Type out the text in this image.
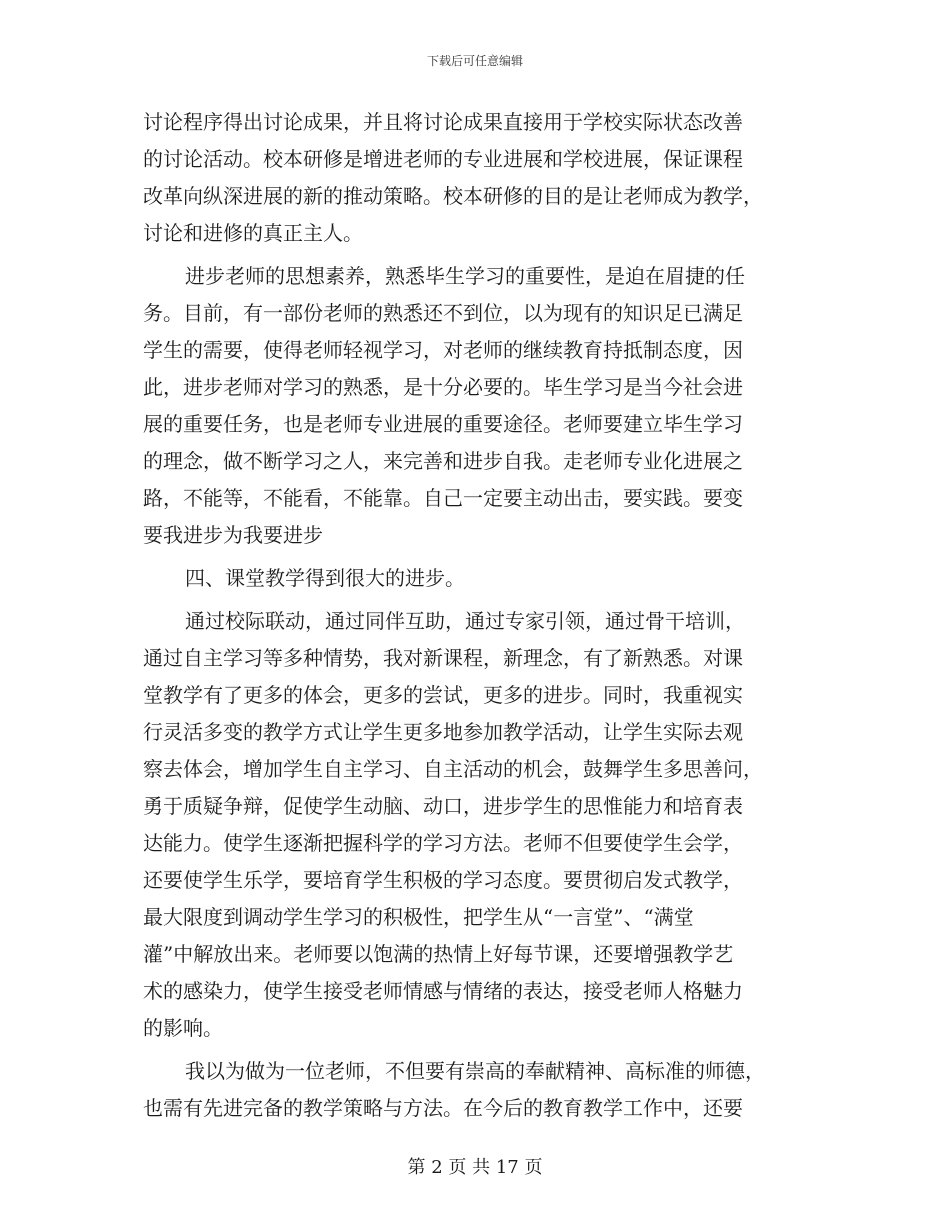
下载后可任意编辑
讨论程序得出讨论成果，并且将讨论成果直接用于学校实际状态改善
的讨论活动。校本研修是增进老师的专业进展和学校进展，保证课程
改革向纵深进展的新的推动策略。校本研修的目的是让老师成为教学，
讨论和进修的真正主人。
进步老师的思想素养，熟悉毕生学习的重要性，是迫在眉捷的任
务。目前，有一部份老师的熟悉还不到位，以为现有的知识足已满足
学生的需要，使得老师轻视学习，对老师的继续教育持抵制态度，因
此，进步老师对学习的熟悉，是十分必要的。毕生学习是当今社会进
展的重要任务，也是老师专业进展的重要途径。老师要建立毕生学习
的理念，做不断学习之人，来完善和进步自我。走老师专业化进展之
路，不能等，不能看，不能靠。自己一定要主动出击，要实践。要变
要我进步为我要进步
四、课堂教学得到很大的进步。
通过校际联动，通过同伴互助，通过专家引领，通过骨干培训，
通过自主学习等多种情势，我对新课程，新理念，有了新熟悉。对课
堂教学有了更多的体会，更多的尝试，更多的进步。同时，我重视实
行灵活多变的教学方式让学生更多地参加教学活动，让学生实际去观
察去体会，增加学生自主学习、自主活动的机会，鼓舞学生多思善问，
勇于质疑争辩，促使学生动脑、动口，进步学生的思惟能力和培育表
达能力。使学生逐渐把握科学的学习方法。老师不但要使学生会学，
还要使学生乐学，要培育学生积极的学习态度。要贯彻启发式教学，
最大限度到调动学生学习的积极性，把学生从“一言堂”、“满堂
灌”中解放出来。老师要以饱满的热情上好每节课，还要增强教学艺
术的感染力，使学生接受老师情感与情绪的表达，接受老师人格魅力
的影响。
我以为做为一位老师，不但要有崇高的奉献精神、高标准的师德，
也需有先进完备的教学策略与方法。在今后的教育教学工作中，还要
第 2 页 共 17 页
